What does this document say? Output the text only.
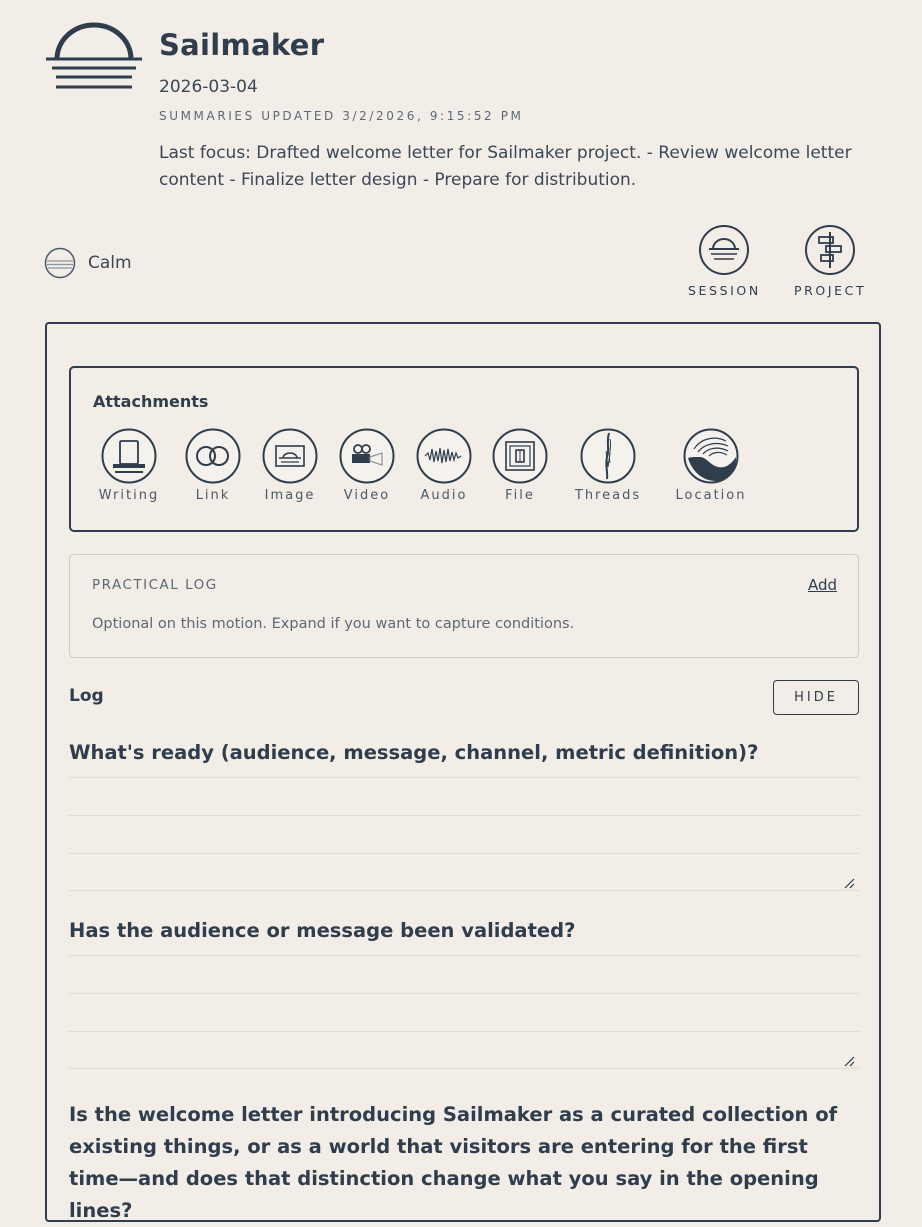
Sailmaker
2026-03-04
SUMMARIES UPDATED 3/2/2026, 9:15:52 PM
Last focus: Drafted welcome letter for Sailmaker project. - Review welcome letter content - Finalize letter design - Prepare for distribution.
Calm
SESSION	PROJECT
Attachments
Writing	Link	Image Video Audio	File	Threads	Location
PRACTICAL LOG	Add
Optional on this motion. Expand if you want to capture conditions.
Log	HIDE
What's ready (audience, message, channel, metric definition)?
Has the audience or message been validated?
Is the welcome letter introducing Sailmaker as a curated collection of existing things, or as a world that visitors are entering for the first time—and does that distinction change what you say in the opening lines?
